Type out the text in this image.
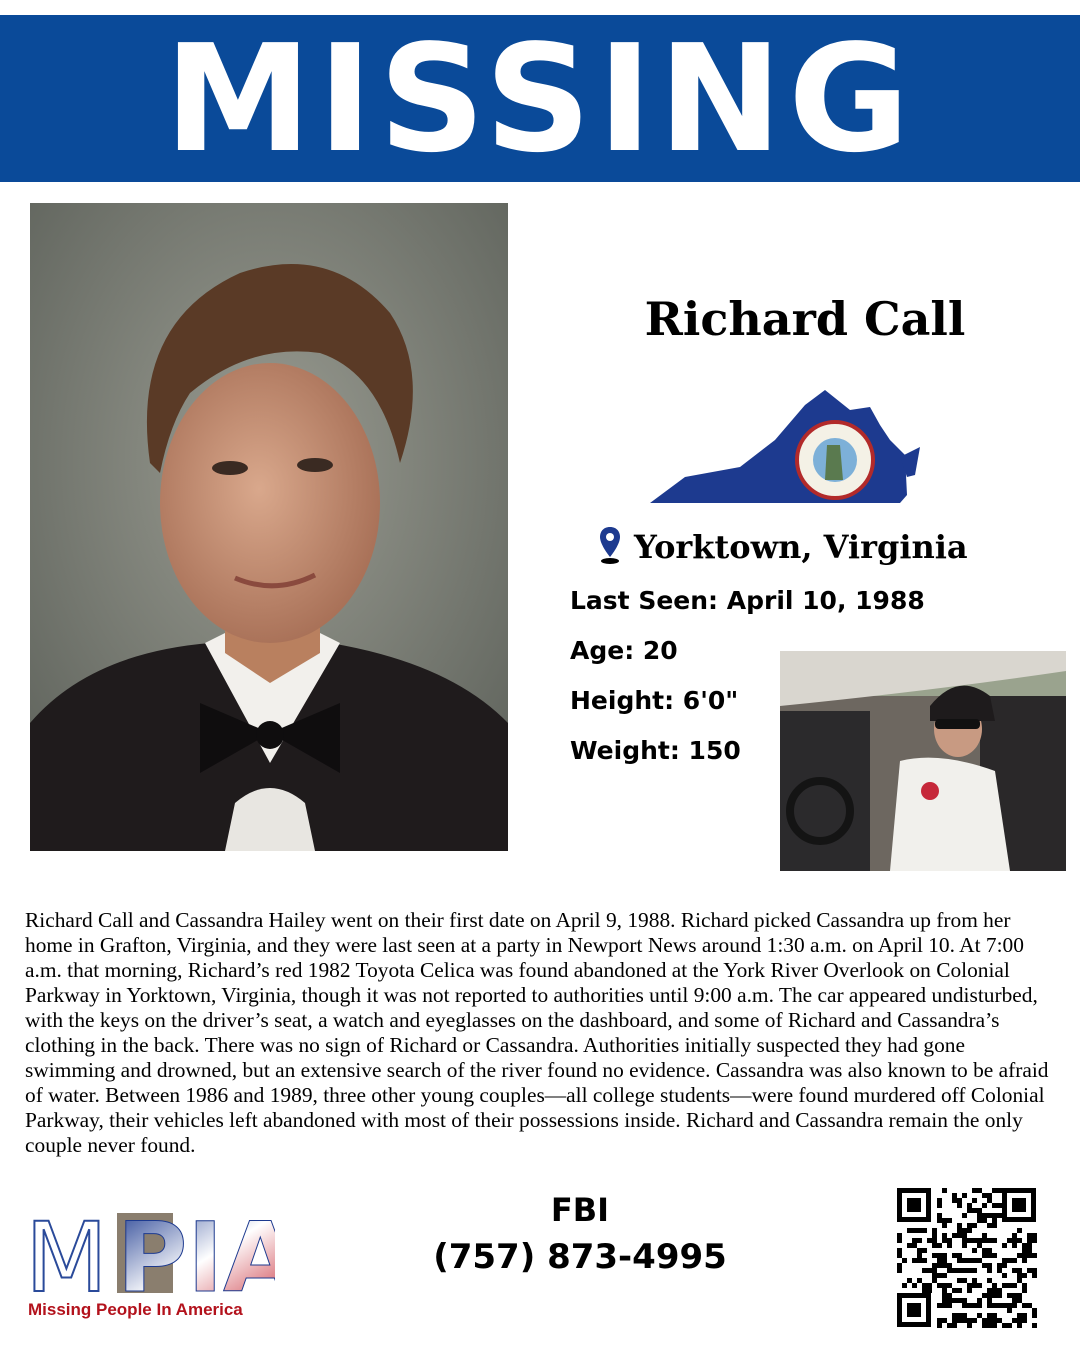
MISSING
Richard Call
Yorktown, Virginia
Last Seen: April 10, 1988
Age: 20
Height: 6'0"
Weight: 150

Richard Call and Cassandra Hailey went on their first date on April 9, 1988. Richard picked Cassandra up from her home in Grafton, Virginia, and they were last seen at a party in Newport News around 1:30 a.m. on April 10. At 7:00 a.m. that morning, Richard’s red 1982 Toyota Celica was found abandoned at the York River Overlook on Colonial Parkway in Yorktown, Virginia, though it was not reported to authorities until 9:00 a.m. The car appeared undisturbed, with the keys on the driver’s seat, a watch and eyeglasses on the dashboard, and some of Richard and Cassandra’s clothing in the back. There was no sign of Richard or Cassandra. Authorities initially suspected they had gone swimming and drowned, but an extensive search of the river found no evidence. Cassandra was also known to be afraid of water. Between 1986 and 1989, three other young couples—all college students—were found murdered off Colonial Parkway, their vehicles left abandoned with most of their possessions inside. Richard and Cassandra remain the only couple never found.

M PIA
Missing People In America
FBI
(757) 873-4995
